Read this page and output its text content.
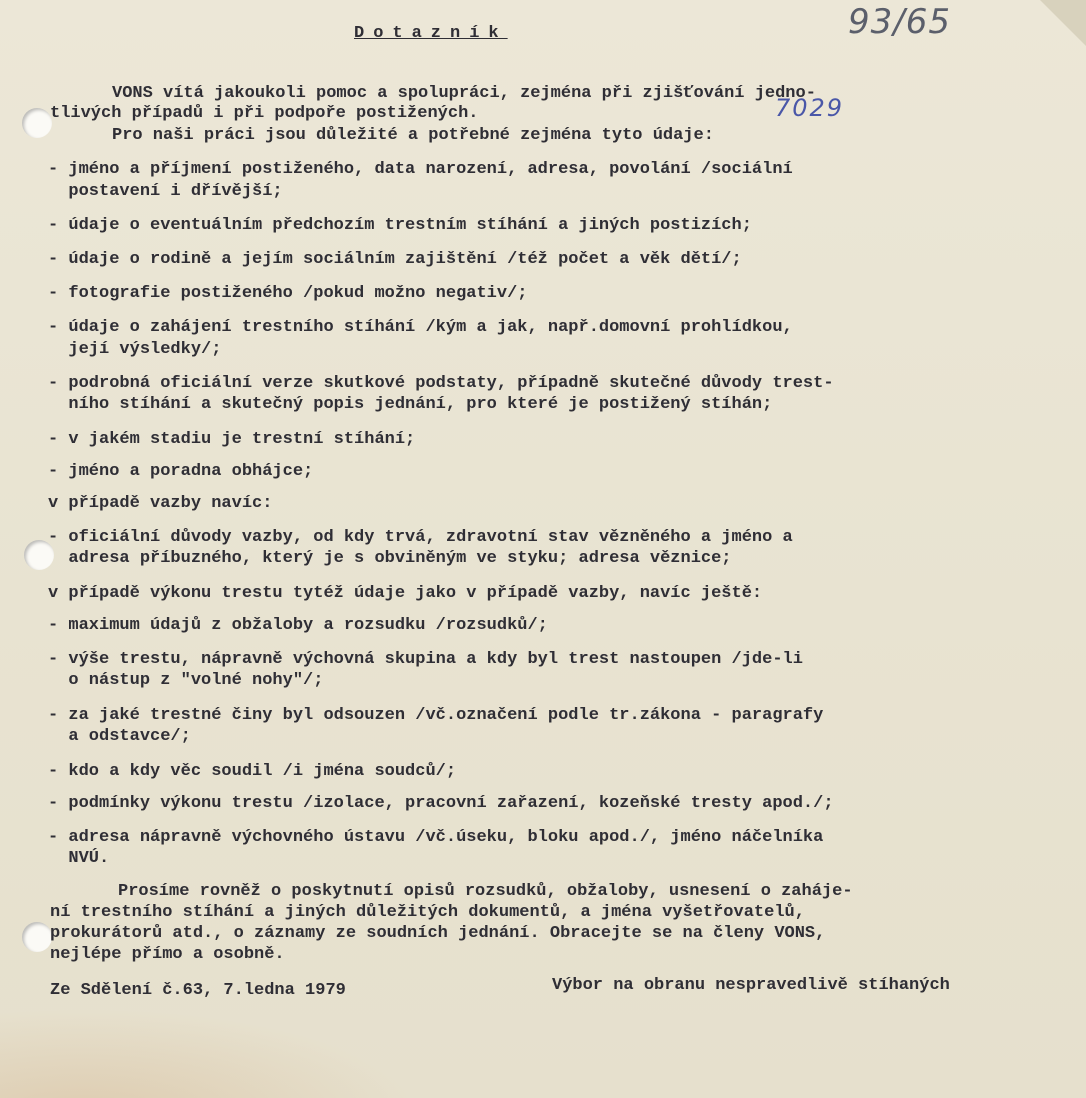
93/65
7029
Dotazník
VONS vítá jakoukoli pomoc a spolupráci, zejména při zjišťování jedno-
tlivých případů i při podpoře postižených.
Pro naši práci jsou důležité a potřebné zejména tyto údaje:
- jméno a příjmení postiženého, data narození, adresa, povolání /sociální
postavení i dřívější;
- údaje o eventuálním předchozím trestním stíhání a jiných postizích;
- údaje o rodině a jejím sociálním zajištění /též počet a věk dětí/;
- fotografie postiženého /pokud možno negativ/;
- údaje o zahájení trestního stíhání /kým a jak, např.domovní prohlídkou,
její výsledky/;
- podrobná oficiální verze skutkové podstaty, případně skutečné důvody trest-
ního stíhání a skutečný popis jednání, pro které je postižený stíhán;
- v jakém stadiu je trestní stíhání;
- jméno a poradna obhájce;
v případě vazby navíc:
- oficiální důvody vazby, od kdy trvá, zdravotní stav vězněného a jméno a
adresa příbuzného, který je s obviněným ve styku; adresa věznice;
v případě výkonu trestu tytéž údaje jako v případě vazby, navíc ještě:
- maximum údajů z obžaloby a rozsudku /rozsudků/;
- výše trestu, nápravně výchovná skupina a kdy byl trest nastoupen /jde-li
o nástup z "volné nohy"/;
- za jaké trestné činy byl odsouzen /vč.označení podle tr.zákona - paragrafy
a odstavce/;
- kdo a kdy věc soudil /i jména soudců/;
- podmínky výkonu trestu /izolace, pracovní zařazení, kozeňské tresty apod./;
- adresa nápravně výchovného ústavu /vč.úseku, bloku apod./, jméno náčelníka
NVÚ.
Prosíme rovněž o poskytnutí opisů rozsudků, obžaloby, usnesení o zaháje-
ní trestního stíhání a jiných důležitých dokumentů, a jména vyšetřovatelů,
prokurátorů atd., o záznamy ze soudních jednání. Obracejte se na členy VONS,
nejlépe přímo a osobně.
Ze Sdělení č.63, 7.ledna 1979	Výbor na obranu nespravedlivě stíhaných
